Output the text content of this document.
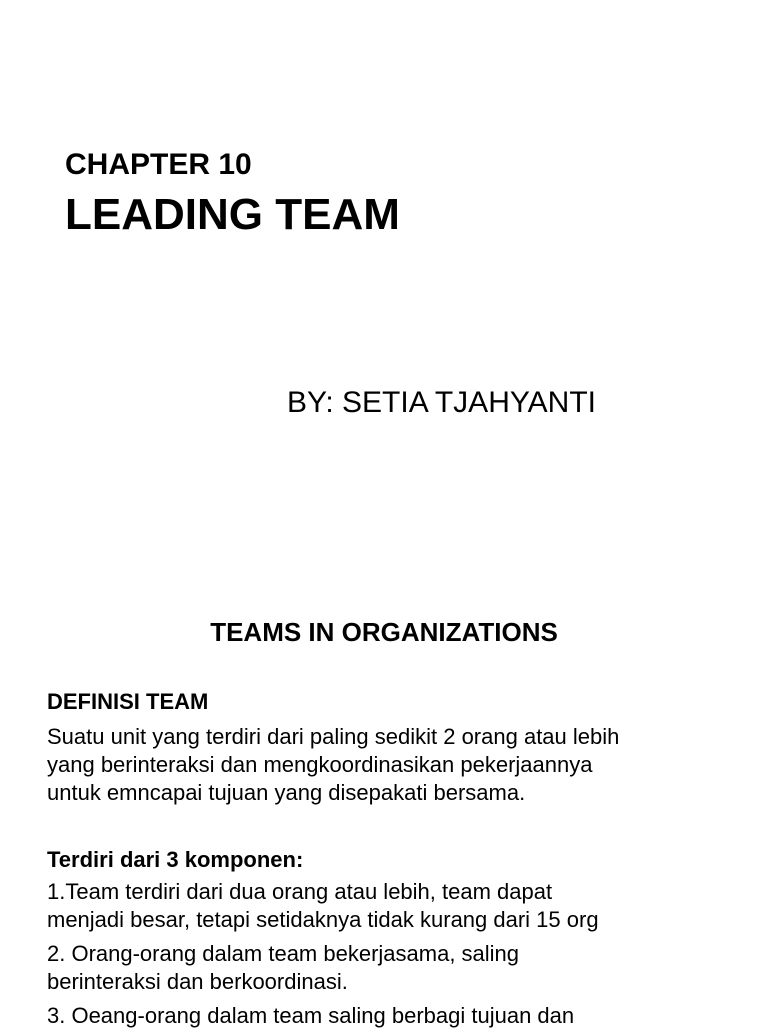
CHAPTER 10
LEADING TEAM
BY: SETIA TJAHYANTI
TEAMS IN ORGANIZATIONS
DEFINISI TEAM
Suatu unit yang terdiri dari paling sedikit 2 orang atau lebih
yang berinteraksi dan mengkoordinasikan pekerjaannya
untuk emncapai tujuan yang disepakati bersama.
Terdiri dari 3 komponen:
1.Team terdiri dari dua orang atau lebih, team dapat
menjadi besar, tetapi setidaknya tidak kurang dari 15 org
2. Orang-orang dalam team bekerjasama, saling
berinteraksi dan berkoordinasi.
3. Oeang-orang dalam team saling berbagi tujuan dan
